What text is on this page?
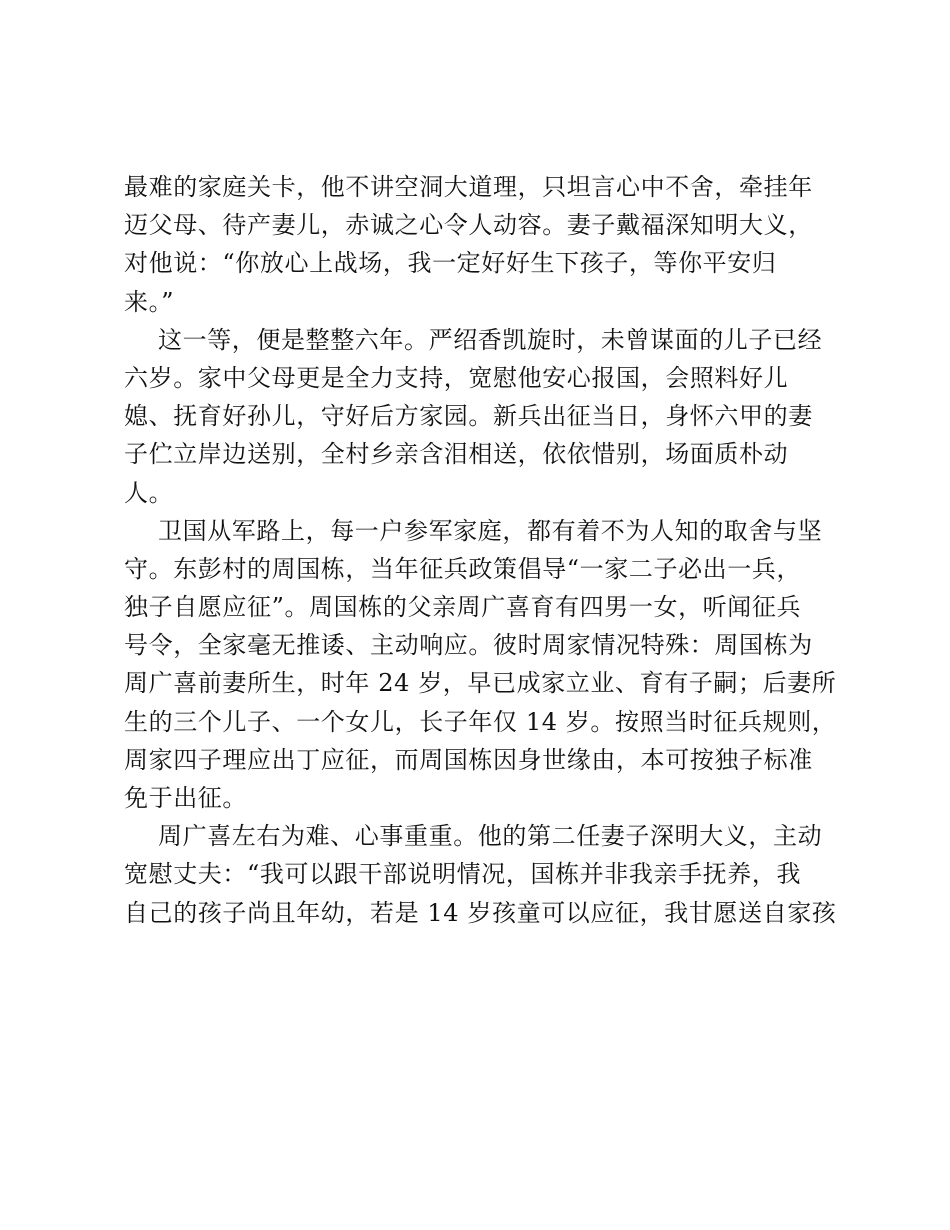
最难的家庭关卡，他不讲空洞大道理，只坦言心中不舍，牵挂年
迈父母、待产妻儿，赤诚之心令人动容。妻子戴福深知明大义，
对他说：“你放心上战场，我一定好好生下孩子，等你平安归
来。”
这一等，便是整整六年。严绍香凯旋时，未曾谋面的儿子已经
六岁。家中父母更是全力支持，宽慰他安心报国，会照料好儿
媳、抚育好孙儿，守好后方家园。新兵出征当日，身怀六甲的妻
子伫立岸边送别，全村乡亲含泪相送，依依惜别，场面质朴动
人。
卫国从军路上，每一户参军家庭，都有着不为人知的取舍与坚
守。东彭村的周国栋，当年征兵政策倡导“一家二子必出一兵，
独子自愿应征”。周国栋的父亲周广喜育有四男一女，听闻征兵
号令，全家毫无推诿、主动响应。彼时周家情况特殊：周国栋为
周广喜前妻所生，时年 24 岁，早已成家立业、育有子嗣；后妻所
生的三个儿子、一个女儿，长子年仅 14 岁。按照当时征兵规则，
周家四子理应出丁应征，而周国栋因身世缘由，本可按独子标准
免于出征。
周广喜左右为难、心事重重。他的第二任妻子深明大义，主动
宽慰丈夫：“我可以跟干部说明情况，国栋并非我亲手抚养，我
自己的孩子尚且年幼，若是 14 岁孩童可以应征，我甘愿送自家孩
